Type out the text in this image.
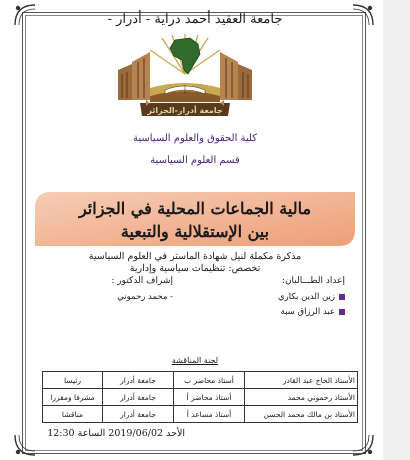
جامعة العقيد أحمد دراية - أدرار -
جامعة أدرار-الجزائر
كلية الحقوق والعلوم السياسية
قسم العلوم السياسية
مالية الجماعات المحلية في الجزائر
بين الإستقلالية والتبعية
مذكرة مكملة لنيل شهادة الماستر في العلوم السياسية
تخصص: تنظيمات سياسية وإدارية
إعداد الطـــالبان:
إشراف الدكتور :
زين الدين بكاري
عبد الرزاق سبة
- محمد رحموني
لجنة المناقشة
الأستاذ الحاج عبد القادر	أستاذ محاضر ب	جامعة أدرار	رئيسا
الأستاذ رحموني محمد	أستاذ محاضر أ	جامعة أدرار	مشرفا ومقررا
الأستاذ بن مالك محمد الحسن	أستاذ مساعد أ	جامعة أدرار	مناقشا
الأحد 2019/06/02 الساعة 12:30
